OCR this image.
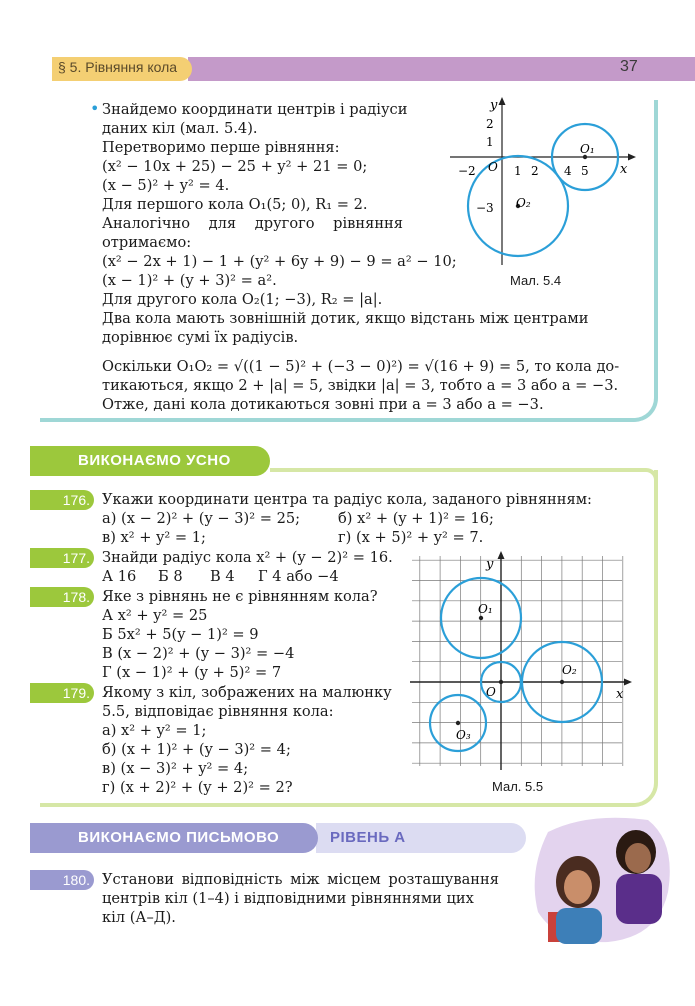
§ 5. Рівняння кола	37
• Знайдемо координати центрів і радіуси
даних кіл (мал. 5.4).
Перетворимо перше рівняння:
(x² − 10x + 25) − 25 + y² + 21 = 0;
(x − 5)² + y² = 4.
Для першого кола O₁(5; 0), R₁ = 2.
Аналогічно для другого рівняння
отримаємо:
(x² − 2x + 1) − 1 + (y² + 6y + 9) − 9 = a² − 10;
(x − 1)² + (y + 3)² = a².
Для другого кола O₂(1; −3), R₂ = |a|.
Два кола мають зовнішній дотик, якщо відстань між центрами
дорівнює сумі їх радіусів.
Оскільки O₁O₂ = √((1 − 5)² + (−3 − 0)²) = √(16 + 9) = 5, то кола до-
тикаються, якщо 2 + |a| = 5, звідки |a| = 3, тобто a = 3 або a = −3.
Отже, дані кола дотикаються зовні при a = 3 або a = −3.
y
x
O
O₁
O₂
−2	1 2 4 5
2
1
−3
Мал. 5.4
ВИКОНАЄМО УСНО
176. Укажи координати центра та радіус кола, заданого рівнянням:
а) (x − 2)² + (y − 3)² = 25;	б) x² + (y + 1)² = 16;
в) x² + y² = 1;	г) (x + 5)² + y² = 7.
177. Знайди радіус кола x² + (y − 2)² = 16.
А 16 Б 8 В 4 Г 4 або −4
178. Яке з рівнянь не є рівнянням кола?
А x² + y² = 25
Б 5x² + 5(y − 1)² = 9
В (x − 2)² + (y − 3)² = −4
Г (x − 1)² + (y + 5)² = 7
179. Якому з кіл, зображених на малюнку
5.5, відповідає рівняння кола:
а) x² + y² = 1;
б) (x + 1)² + (y − 3)² = 4;
в) (x − 3)² + y² = 4;
г) (x + 2)² + (y + 2)² = 2?
y
x
O
O₁
O₂
O₃
Мал. 5.5
ВИКОНАЄМО ПИСЬМОВО	РІВЕНЬ А
180. Установи відповідність між місцем розташування
центрів кіл (1–4) і відповідними рівняннями цих
кіл (А–Д).
